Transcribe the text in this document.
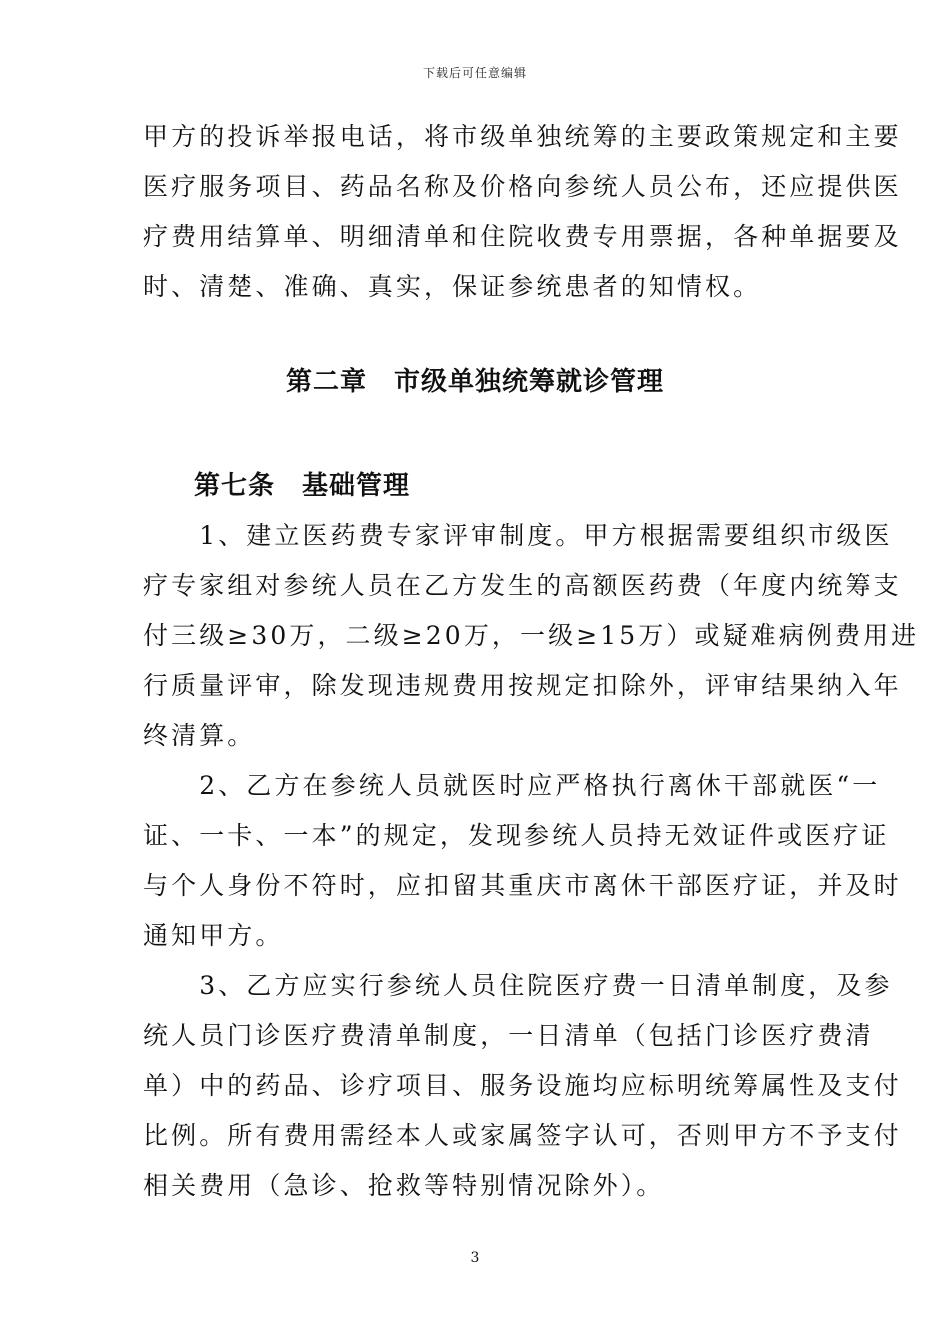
下载后可任意编辑
甲方的投诉举报电话，将市级单独统筹的主要政策规定和主要
医疗服务项目、药品名称及价格向参统人员公布，还应提供医
疗费用结算单、明细清单和住院收费专用票据，各种单据要及
时、清楚、准确、真实，保证参统患者的知情权。
第二章　市级单独统筹就诊管理
第七条　基础管理
　　1、建立医药费专家评审制度。甲方根据需要组织市级医
疗专家组对参统人员在乙方发生的高额医药费（年度内统筹支
付三级≥30万，二级≥20万，一级≥15万）或疑难病例费用进
行质量评审，除发现违规费用按规定扣除外，评审结果纳入年
终清算。
　　2、乙方在参统人员就医时应严格执行离休干部就医“一
证、一卡、一本”的规定，发现参统人员持无效证件或医疗证
与个人身份不符时，应扣留其重庆市离休干部医疗证，并及时
通知甲方。
　　3、乙方应实行参统人员住院医疗费一日清单制度，及参
统人员门诊医疗费清单制度，一日清单（包括门诊医疗费清
单）中的药品、诊疗项目、服务设施均应标明统筹属性及支付
比例。所有费用需经本人或家属签字认可，否则甲方不予支付
相关费用（急诊、抢救等特别情况除外）。
3
